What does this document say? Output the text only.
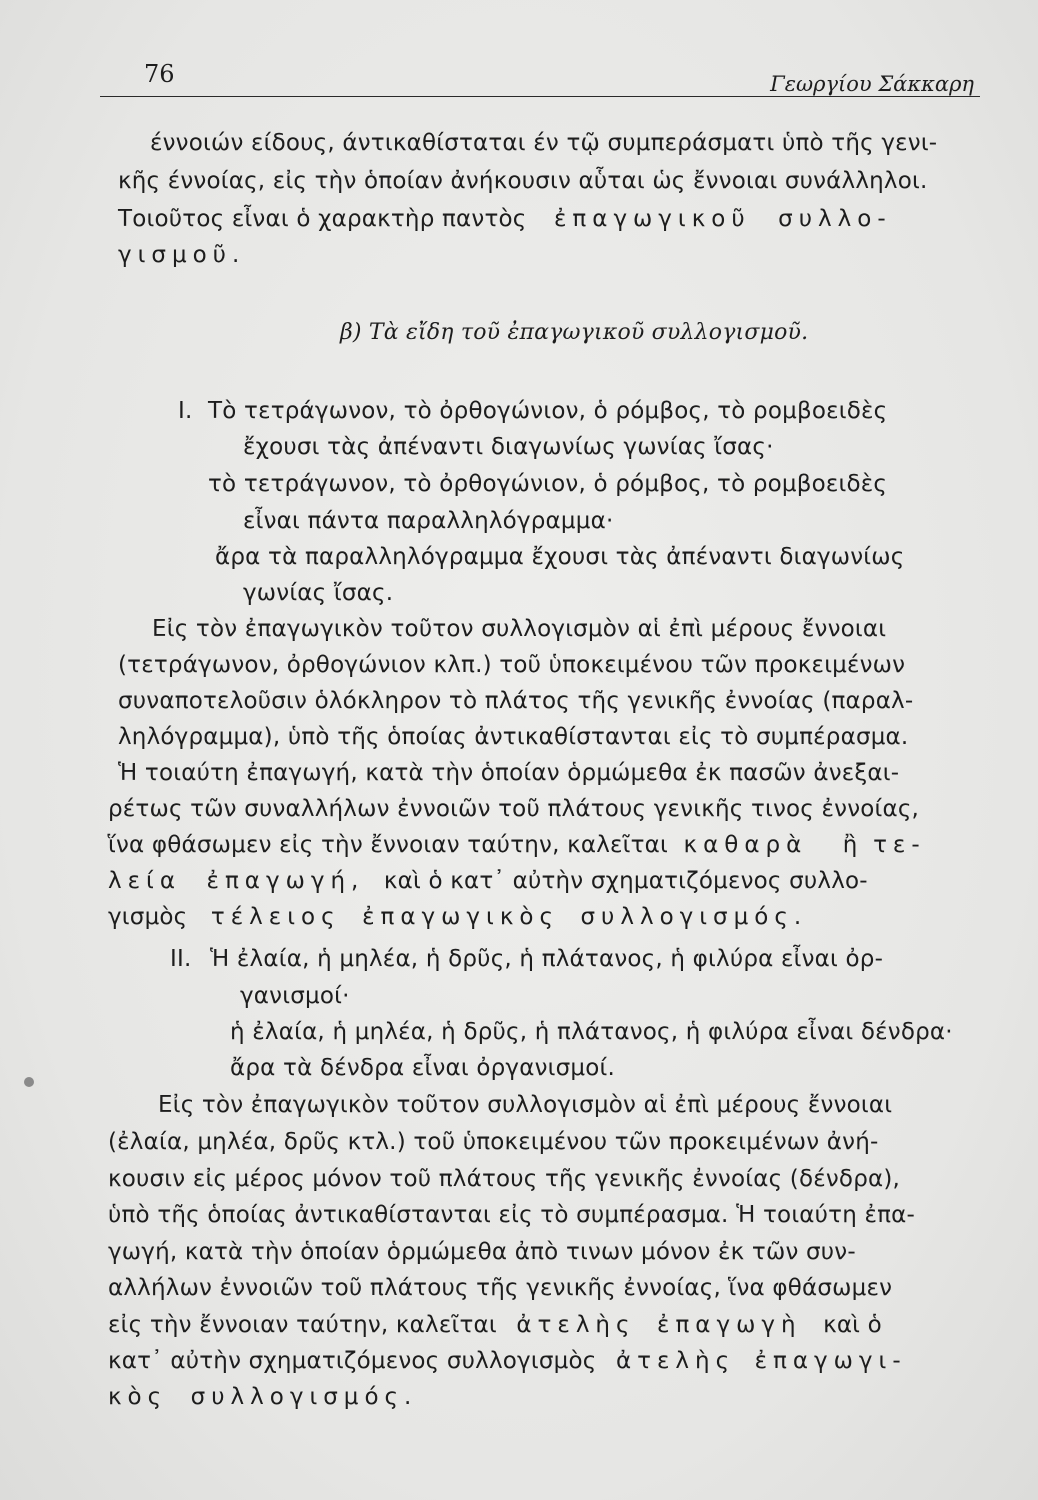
76	Γεωργίου Σάκκαρη
έννοιών είδους, άντικαθίσταται έν τῷ συμπεράσματι ὑπὸ τῆς γενι-
κῆς έννοίας, εἰς τὴν ὁποίαν ἀνήκουσιν αὗται ὡς ἔννοιαι συνάλληλοι.
Τοιοῦτος εἶναι ὁ χαρακτὴρ παντὸς ἐπαγωγικοῦ συλλο-
γισμοῦ.
β) Τὰ εἴδη τοῦ ἐπαγωγικοῦ συλλογισμοῦ.
I. Τὸ τετράγωνον, τὸ ὀρθογώνιον, ὁ ρόμβος, τὸ ρομβοειδὲς
ἔχουσι τὰς ἀπέναντι διαγωνίως γωνίας ἴσας·
τὸ τετράγωνον, τὸ ὀρθογώνιον, ὁ ρόμβος, τὸ ρομβοειδὲς
εἶναι πάντα παραλληλόγραμμα·
ἄρα τὰ παραλληλόγραμμα ἔχουσι τὰς ἀπέναντι διαγωνίως
γωνίας ἴσας.
Εἰς τὸν ἐπαγωγικὸν τοῦτον συλλογισμὸν αἱ ἐπὶ μέρους ἔννοιαι
(τετράγωνον, ὀρθογώνιον κλπ.) τοῦ ὑποκειμένου τῶν προκειμένων
συναποτελοῦσιν ὁλόκληρον τὸ πλάτος τῆς γενικῆς ἐννοίας (παραλ-
ληλόγραμμα), ὑπὸ τῆς ὁποίας ἀντικαθίστανται εἰς τὸ συμπέρασμα.
Ἡ τοιαύτη ἐπαγωγή, κατὰ τὴν ὁποίαν ὁρμώμεθα ἐκ πασῶν ἀνεξαι-
ρέτως τῶν συναλλήλων ἐννοιῶν τοῦ πλάτους γενικῆς τινος ἐννοίας,
ἵνα φθάσωμεν εἰς τὴν ἔννοιαν ταύτην, καλεῖται καθαρὰ ἢ τε-
λεία ἐπαγωγή, καὶ ὁ κατ᾽ αὐτὴν σχηματιζόμενος συλλο-
γισμὸς τέλειος ἐπαγωγικὸς συλλογισμός.
II. Ἡ ἐλαία, ἡ μηλέα, ἡ δρῦς, ἡ πλάτανος, ἡ φιλύρα εἶναι ὀρ-
γανισμοί·
ἡ ἐλαία, ἡ μηλέα, ἡ δρῦς, ἡ πλάτανος, ἡ φιλύρα εἶναι δένδρα·
ἄρα τὰ δένδρα εἶναι ὀργανισμοί.
Εἰς τὸν ἐπαγωγικὸν τοῦτον συλλογισμὸν αἱ ἐπὶ μέρους ἔννοιαι
(ἐλαία, μηλέα, δρῦς κτλ.) τοῦ ὑποκειμένου τῶν προκειμένων ἀνή-
κουσιν εἰς μέρος μόνον τοῦ πλάτους τῆς γενικῆς ἐννοίας (δένδρα),
ὑπὸ τῆς ὁποίας ἀντικαθίστανται εἰς τὸ συμπέρασμα. Ἡ τοιαύτη ἐπα-
γωγή, κατὰ τὴν ὁποίαν ὁρμώμεθα ἀπὸ τινων μόνον ἐκ τῶν συν-
αλλήλων ἐννοιῶν τοῦ πλάτους τῆς γενικῆς ἐννοίας, ἵνα φθάσωμεν
εἰς τὴν ἔννοιαν ταύτην, καλεῖται ἀτελὴς ἐπαγωγὴ καὶ ὁ
κατ᾽ αὐτὴν σχηματιζόμενος συλλογισμὸς ἀτελὴς ἐπαγωγι-
κὸς συλλογισμός.
